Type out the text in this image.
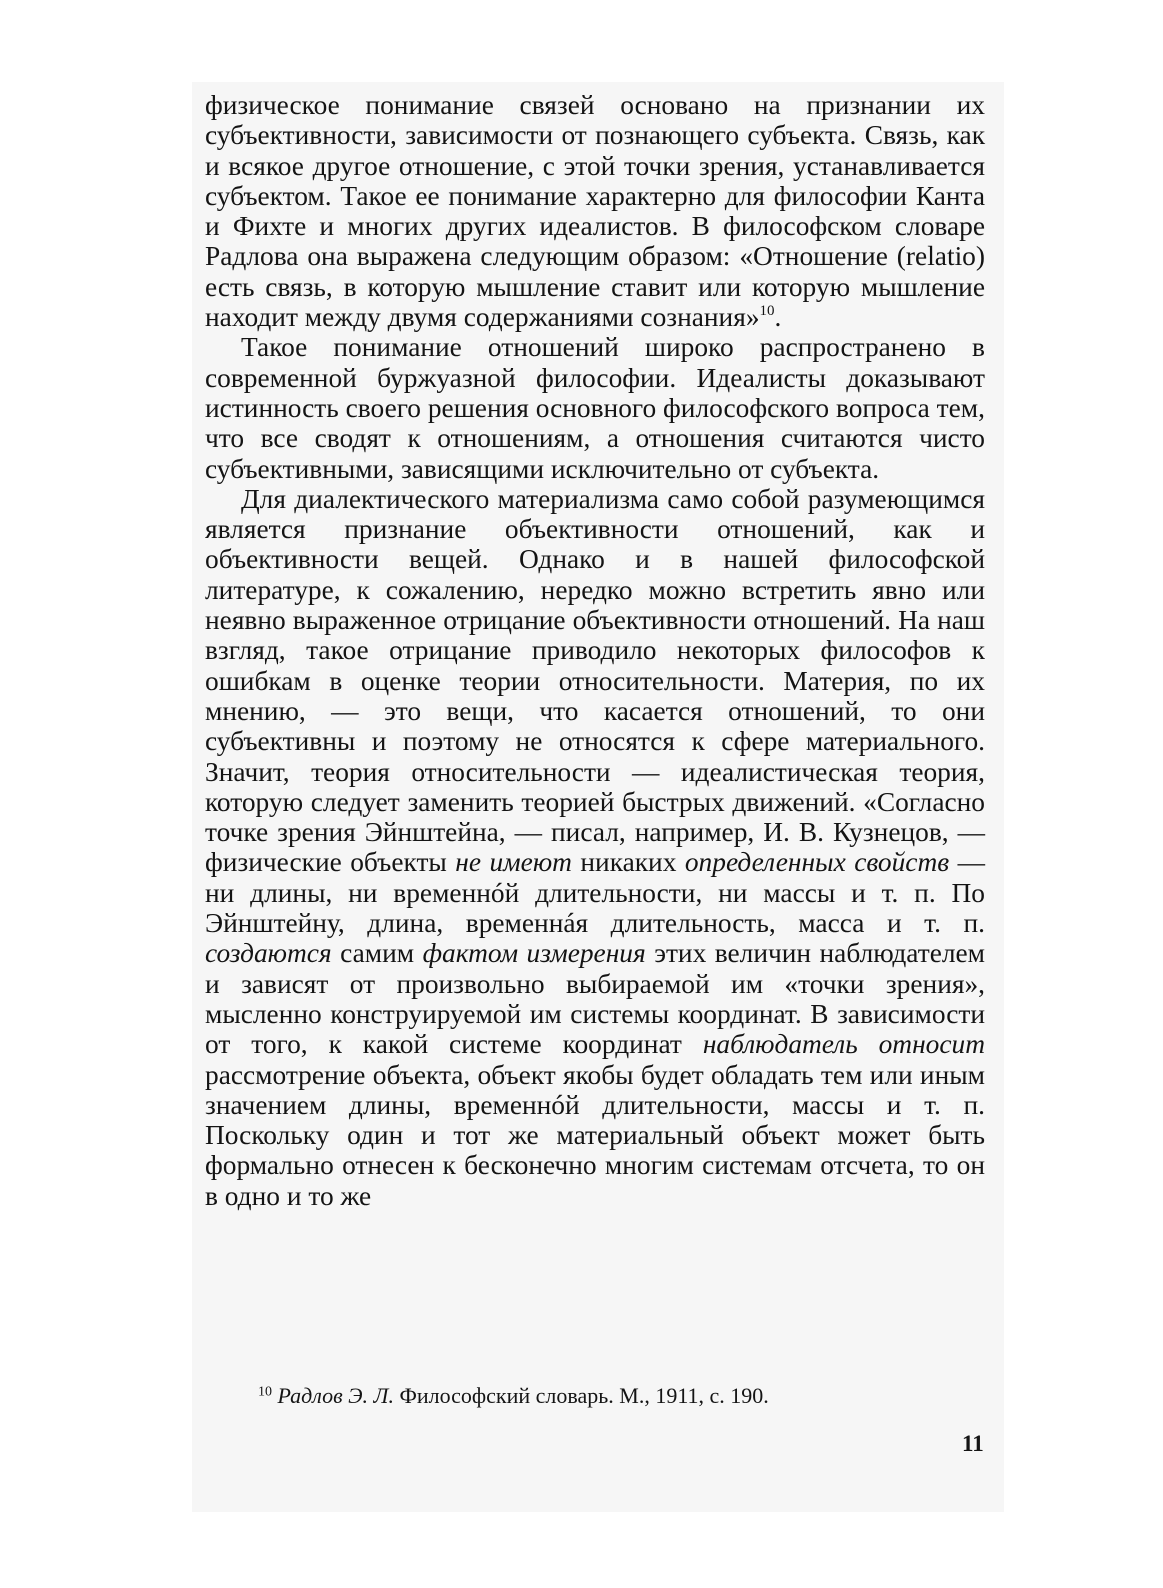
физическое понимание связей основано на признании их субъективности, зависимости от познающего субъекта. Связь, как и всякое другое отношение, с этой точки зрения, устанавливается субъектом. Такое ее понимание характерно для философии Канта и Фихте и многих других идеалистов. В философском словаре Радлова она выражена следующим образом: «Отношение (relatio) есть связь, в которую мышление ставит или которую мышление находит между двумя содержаниями сознания»$^{10}$.

Такое понимание отношений широко распространено в современной буржуазной философии. Идеалисты доказывают истинность своего решения основного философского вопроса тем, что все сводят к отношениям, а отношения считаются чисто субъективными, зависящими исключительно от субъекта.

Для диалектического материализма само собой разумеющимся является признание объективности отношений, как и объективности вещей. Однако и в нашей философской литературе, к сожалению, нередко можно встретить явно или неявно выраженное отрицание объективности отношений. На наш взгляд, такое отрицание приводило некоторых философов к ошибкам в оценке теории относительности. Материя, по их мнению, — это вещи, что касается отношений, то они субъективны и поэтому не относятся к сфере материального. Значит, теория относительности — идеалистическая теория, которую следует заменить теорией быстрых движений. «Согласно точке зрения Эйнштейна, — писал, например, И. В. Кузнецов, — физические объекты не имеют никаких определенных свойств — ни длины, ни временнóй длительности, ни массы и т. п. По Эйнштейну, длина, временнáя длительность, масса и т. п. создаются самим фактом измерения этих величин наблюдателем и зависят от произвольно выбираемой им «точки зрения», мысленно конструируемой им системы координат. В зависимости от того, к какой системе координат наблюдатель относит рассмотрение объекта, объект якобы будет обладать тем или иным значением длины, временнóй длительности, массы и т. п. Поскольку один и тот же материальный объект может быть формально отнесен к бесконечно многим системам отсчета, то он в одно и то же

$^{10}$ Радлов Э. Л. Философский словарь. М., 1911, с. 190.
11
